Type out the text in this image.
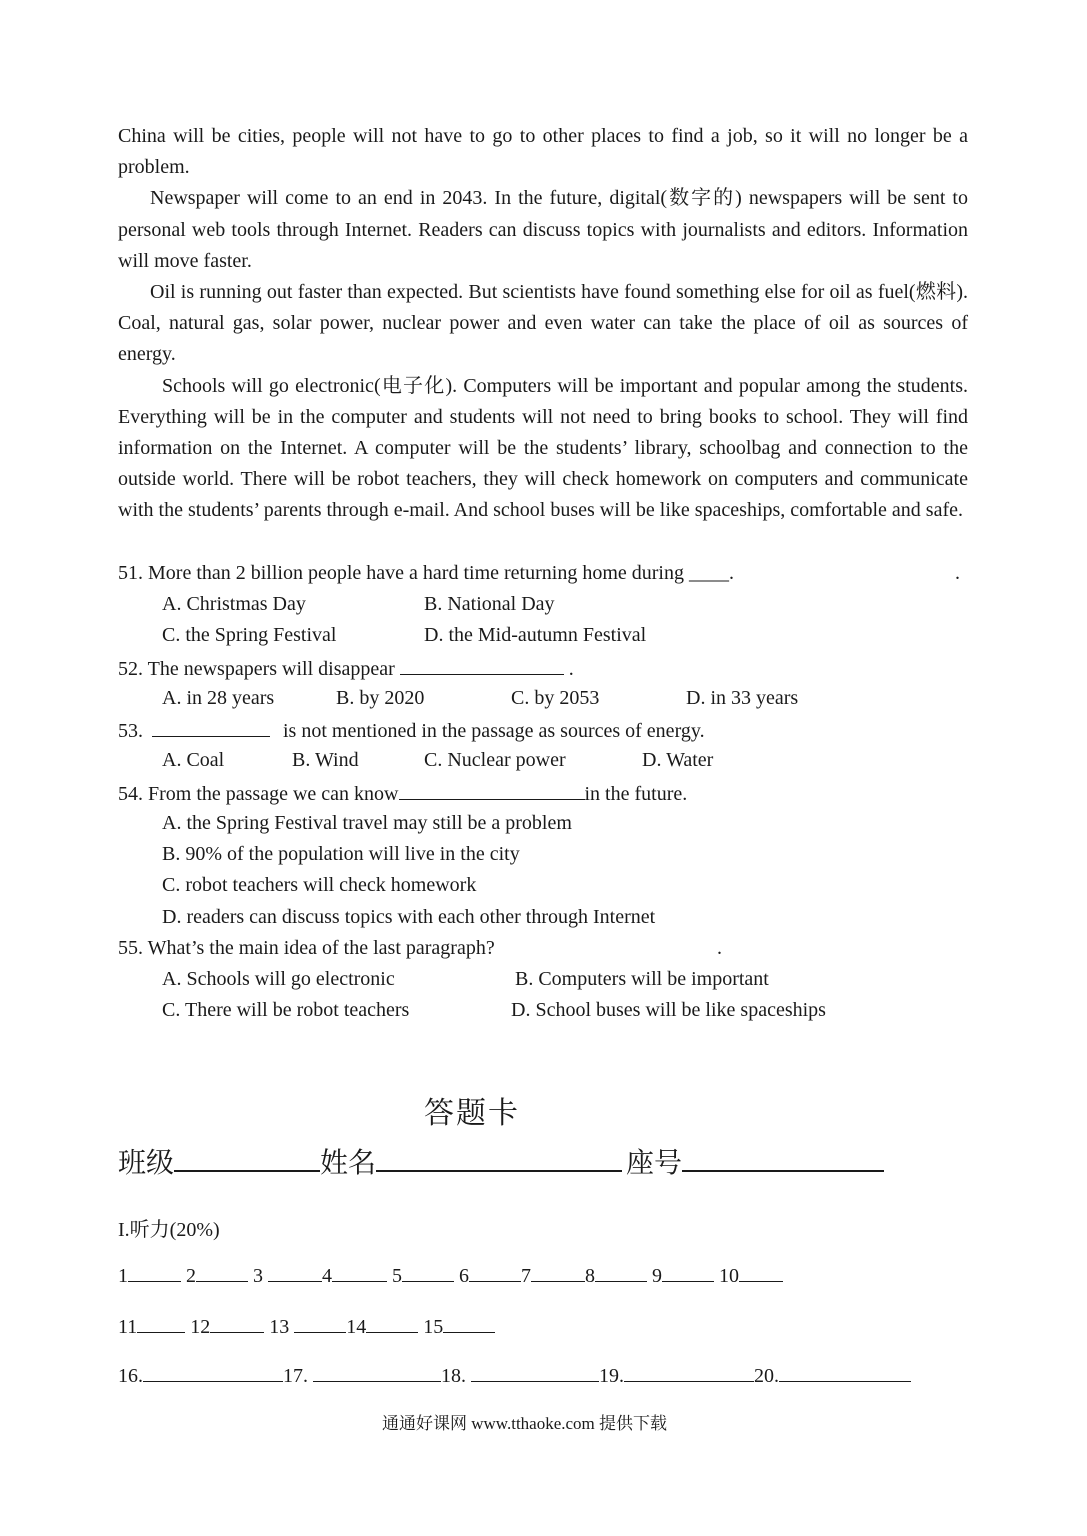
China will be cities, people will not have to go to other places to find a job, so it will no longer be a problem.

Newspaper will come to an end in 2043. In the future, digital(数字的) newspapers will be sent to personal web tools through Internet. Readers can discuss topics with journalists and editors. Information will move faster.

Oil is running out faster than expected. But scientists have found something else for oil as fuel(燃料). Coal, natural gas, solar power, nuclear power and even water can take the place of oil as sources of energy.

Schools will go electronic(电子化). Computers will be important and popular among the students. Everything will be in the computer and students will not need to bring books to school. They will find information on the Internet. A computer will be the students’ library, schoolbag and connection to the outside world. There will be robot teachers, they will check homework on computers and communicate with the students’ parents through e-mail. And school buses will be like spaceships, comfortable and safe.

51. More than 2 billion people have a hard time returning home during ____.	.
A. Christmas Day	B. National Day
C. the Spring Festival	D. the Mid-autumn Festival
52. The newspapers will disappear	.
A. in 28 years	B. by 2020	C. by 2053	D. in 33 years
53.	is not mentioned in the passage as sources of energy.
A. Coal	B. Wind	C. Nuclear power	D. Water
54. From the passage we can know	in the future.
A. the Spring Festival travel may still be a problem
B. 90% of the population will live in the city
C. robot teachers will check homework
D. readers can discuss topics with each other through Internet
55. What’s the main idea of the last paragraph?	.
A. Schools will go electronic	B. Computers will be important
C. There will be robot teachers	D. School buses will be like spaceships
答题卡
班级	姓名	座号
I.听力(20%)
1	2	3	4	5	6	7	8	9	10
11	12	13	14	15
16.	17.	18.	19.	20.
通通好课网 www.tthaoke.com 提供下载
